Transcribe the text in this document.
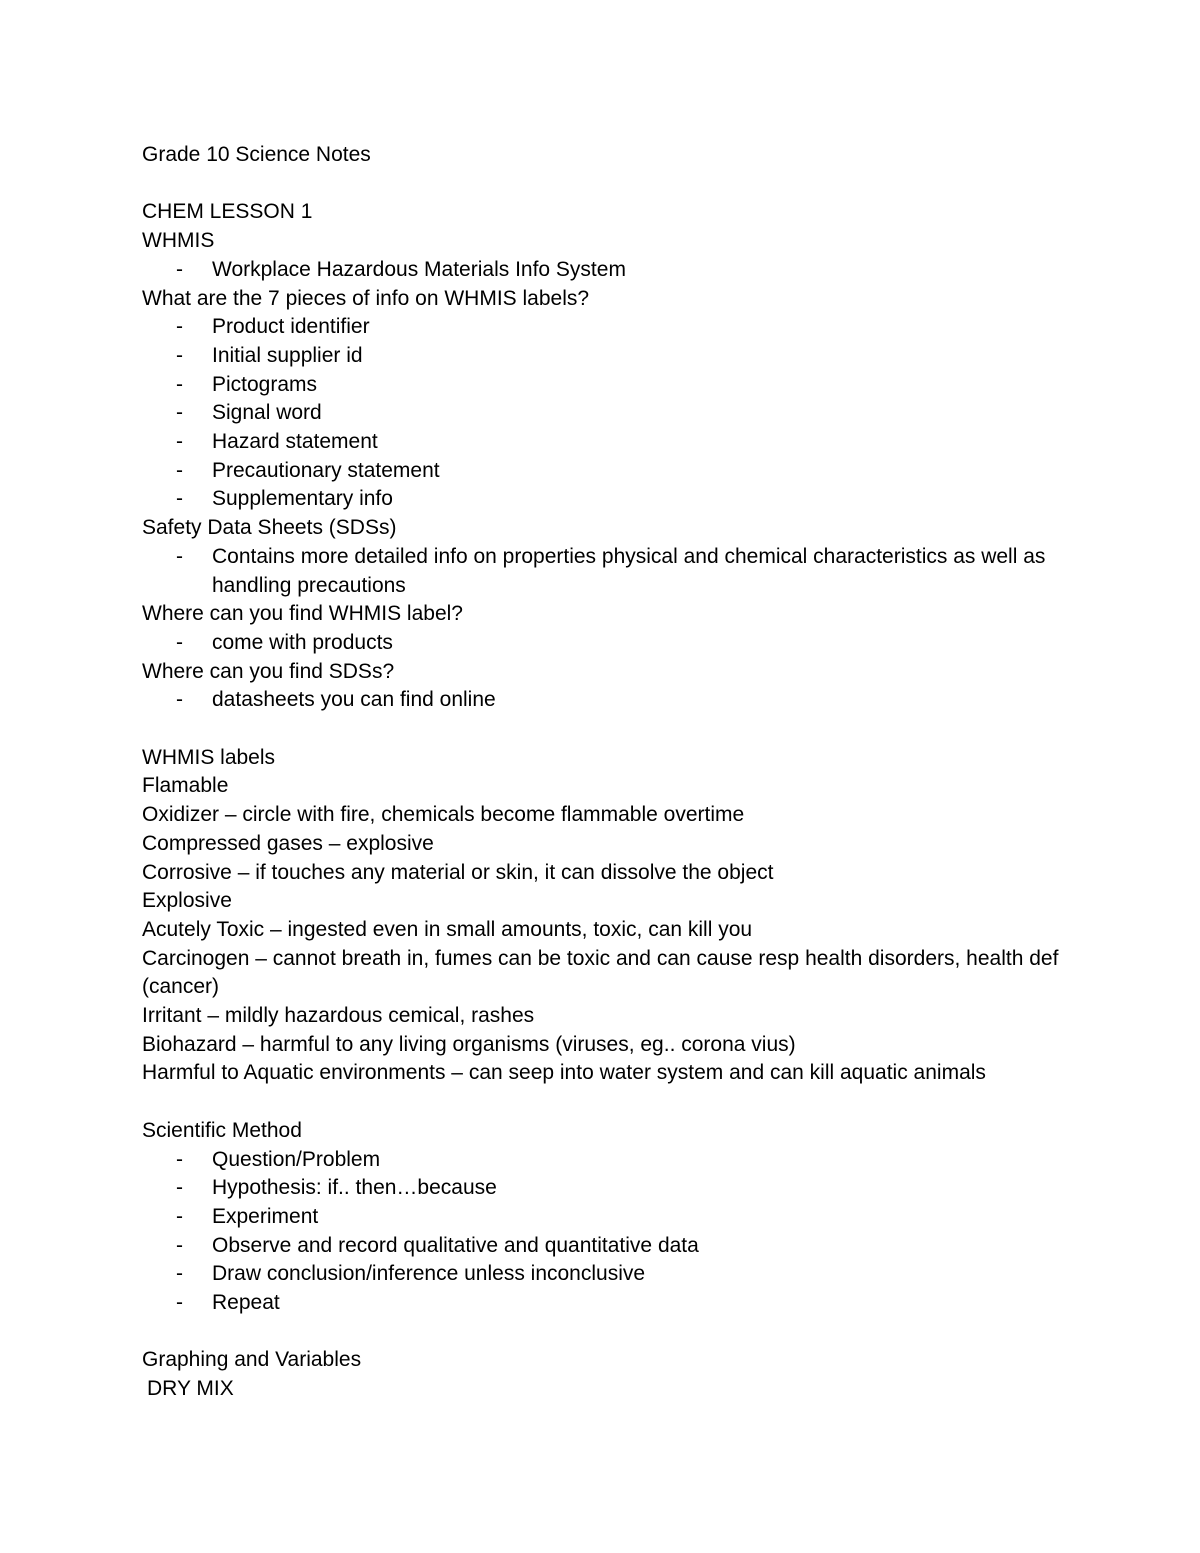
Grade 10 Science Notes

CHEM LESSON 1

WHMIS

- Workplace Hazardous Materials Info System

What are the 7 pieces of info on WHMIS labels?

- Product identifier

- Initial supplier id

- Pictograms

- Signal word

- Hazard statement

- Precautionary statement

- Supplementary info

Safety Data Sheets (SDSs)

- Contains more detailed info on properties physical and chemical characteristics as well as handling precautions

Where can you find WHMIS label?

- come with products

Where can you find SDSs?

- datasheets you can find online

WHMIS labels

Flamable

Oxidizer – circle with fire, chemicals become flammable overtime

Compressed gases – explosive

Corrosive – if touches any material or skin, it can dissolve the object

Explosive

Acutely Toxic – ingested even in small amounts, toxic, can kill you

Carcinogen – cannot breath in, fumes can be toxic and can cause resp health disorders, health def (cancer)

Irritant – mildly hazardous cemical, rashes

Biohazard – harmful to any living organisms (viruses, eg.. corona vius)

Harmful to Aquatic environments – can seep into water system and can kill aquatic animals

Scientific Method

- Question/Problem

- Hypothesis: if.. then…because

- Experiment

- Observe and record qualitative and quantitative data

- Draw conclusion/inference unless inconclusive

- Repeat

Graphing and Variables

DRY MIX
